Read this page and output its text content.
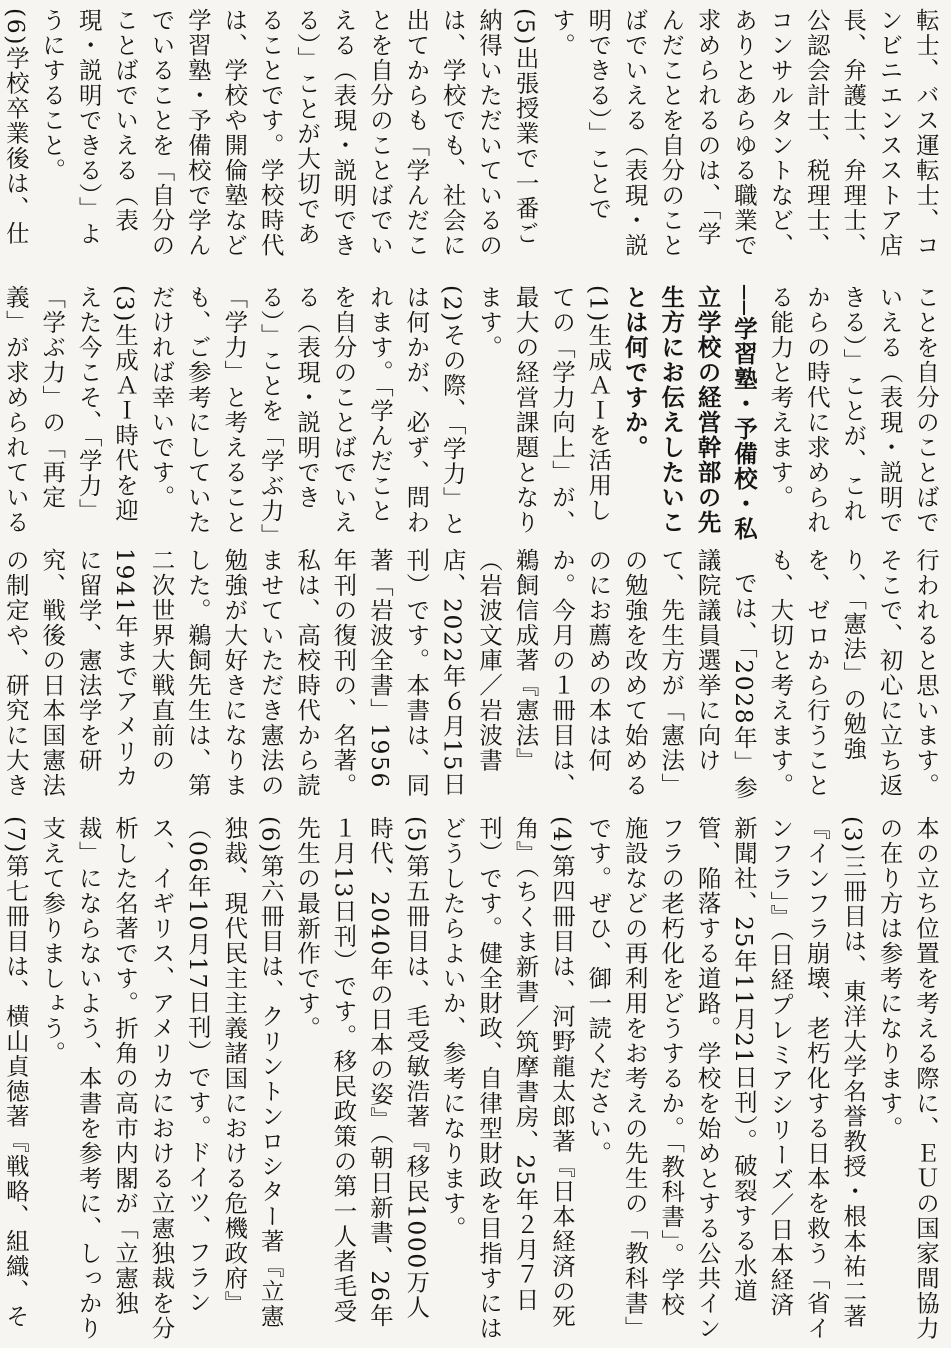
転士、バス運転士、コンビニエンスストア店長、弁護士、弁理士、公認会計士、税理士、コンサルタントなど、ありとあらゆる職業で求められるのは、「学んだことを自分のことばでいえる（表現・説明できる）」ことです。

(5)出張授業で一番ご納得いただいているのは、学校でも、社会に出てからも「学んだことを自分のことばでいえる（表現・説明できる）」ことが大切であることです。学校時代は、学校や開倫塾など学習塾・予備校で学んでいることを「自分のことばでいえる（表現・説明できる）」ようにすること。

(6)学校卒業後は、仕

ことを自分のことばでいえる（表現・説明できる）」ことが、これからの時代に求められる能力と考えます。

──学習塾・予備校・私立学校の経営幹部の先生方にお伝えしたいことは何ですか。

(1)生成ＡＩを活用しての「学力向上」が、最大の経営課題となります。

(2)その際、「学力」とは何かが、必ず、問われます。「学んだことを自分のことばでいえる（表現・説明できる）」ことを「学ぶ力」「学力」と考えることも、ご参考にしていただければ幸いです。

(3)生成ＡＩ時代を迎えた今こそ、「学力」「学ぶ力」の「再定義」が求められている

行われると思います。そこで、初心に立ち返り、「憲法」の勉強を、ゼロから行うことも、大切と考えます。

では、「2028年」参議院議員選挙に向けて、先生方が「憲法」の勉強を改めて始めるのにお薦めの本は何か。今月の１冊目は、鵜飼信成著『憲法』（岩波文庫／岩波書店、2022年６月15日刊）です。本書は、同著「岩波全書」1956年刊の復刊の、名著。私は、高校時代から読ませていただき憲法の勉強が大好きになりました。鵜飼先生は、第二次世界大戦直前の1941年までアメリカに留学、憲法学を研究、戦後の日本国憲法の制定や、研究に大き

本の立ち位置を考える際に、ＥＵの国家間協力の在り方は参考になります。

(3)三冊目は、東洋大学名誉教授・根本祐二著『インフラ崩壊、老朽化する日本を救う「省インフラ」』（日経プレミアシリーズ／日本経済新聞社、25年11月21日刊）。破裂する水道管、陥落する道路。学校を始めとする公共インフラの老朽化をどうするか。「教科書」。学校施設などの再利用をお考えの先生の「教科書」です。ぜひ、御一読ください。

(4)第四冊目は、河野龍太郎著『日本経済の死角』（ちくま新書／筑摩書房、25年２月７日刊）です。健全財政、自律型財政を目指すにはどうしたらよいか、参考になります。

(5)第五冊目は、毛受敏浩著『移民1000万人時代、2040年の日本の姿』（朝日新書、26年１月13日刊）です。移民政策の第一人者毛受先生の最新作です。

(6)第六冊目は、クリントンロシター著『立憲独裁、現代民主主義諸国における危機政府』（06年10月17日刊）です。ドイツ、フランス、イギリス、アメリカにおける立憲独裁を分析した名著です。折角の高市内閣が「立憲独裁」にならないよう、本書を参考に、しっかり支えて参りましょう。

(7)第七冊目は、横山貞徳著『戦略、組織、そ
